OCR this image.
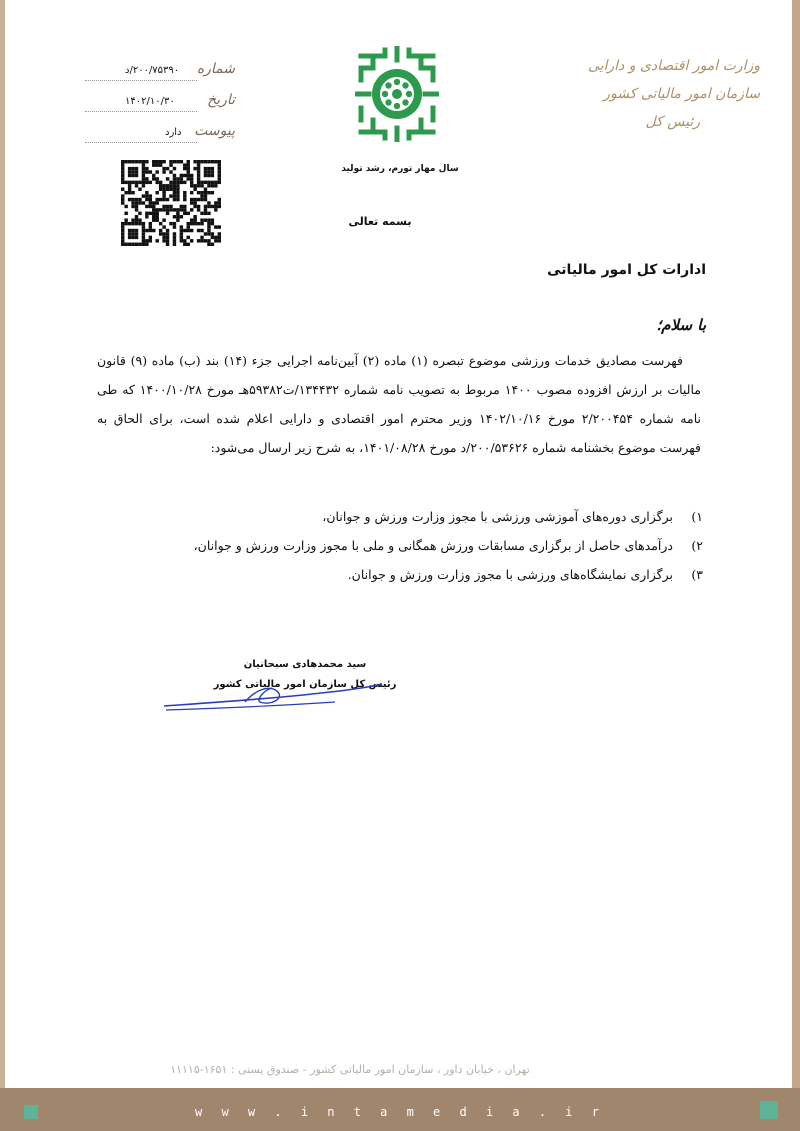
وزارت امور اقتصادی و دارایی
سازمان امور مالیاتی کشور
رئیس کل
شماره
۲۰۰/۷۵۳۹۰/د
تاریخ
۱۴۰۲/۱۰/۳۰
پیوست
دارد
سال مهار تورم، رشد تولید
بسمه تعالی
ادارات کل امور مالیاتی
با سلام؛

فهرست مصادیق خدمات ورزشی موضوع تبصره (۱) ماده (۲) آیین‌نامه اجرایی جزء (۱۴) بند (ب) ماده (۹) قانون مالیات بر ارزش افزوده مصوب ۱۴۰۰ مربوط به تصویب نامه شماره ۱۳۴۴۳۲/ت۵۹۳۸۲هـ مورخ ۱۴۰۰/۱۰/۲۸ که طی نامه شماره ۲/۲۰۰۴۵۴ مورخ ۱۴۰۲/۱۰/۱۶ وزیر محترم امور اقتصادی و دارایی اعلام شده است، برای الحاق به فهرست موضوع بخشنامه شماره ۲۰۰/۵۳۶۲۶/د مورخ ۱۴۰۱/۰۸/۲۸، به شرح زیر ارسال می‌شود:

۱)
برگزاری دوره‌های آموزشی ورزشی با مجوز وزارت ورزش و جوانان،
۲)
درآمدهای حاصل از برگزاری مسابقات ورزش همگانی و ملی با مجوز وزارت ورزش و جوانان،
۳)
برگزاری نمایشگاه‌های ورزشی با مجوز وزارت ورزش و جوانان.
سید محمدهادی سبحانیان
رئیس کل سازمان امور مالیاتی کشور
تهران ، خیابان داور ، سازمان امور مالیاتی کشور - صندوق پستی : ۱۶۵۱-۱۱۱۱۵
w w w . i n t a m e d i a . i r
